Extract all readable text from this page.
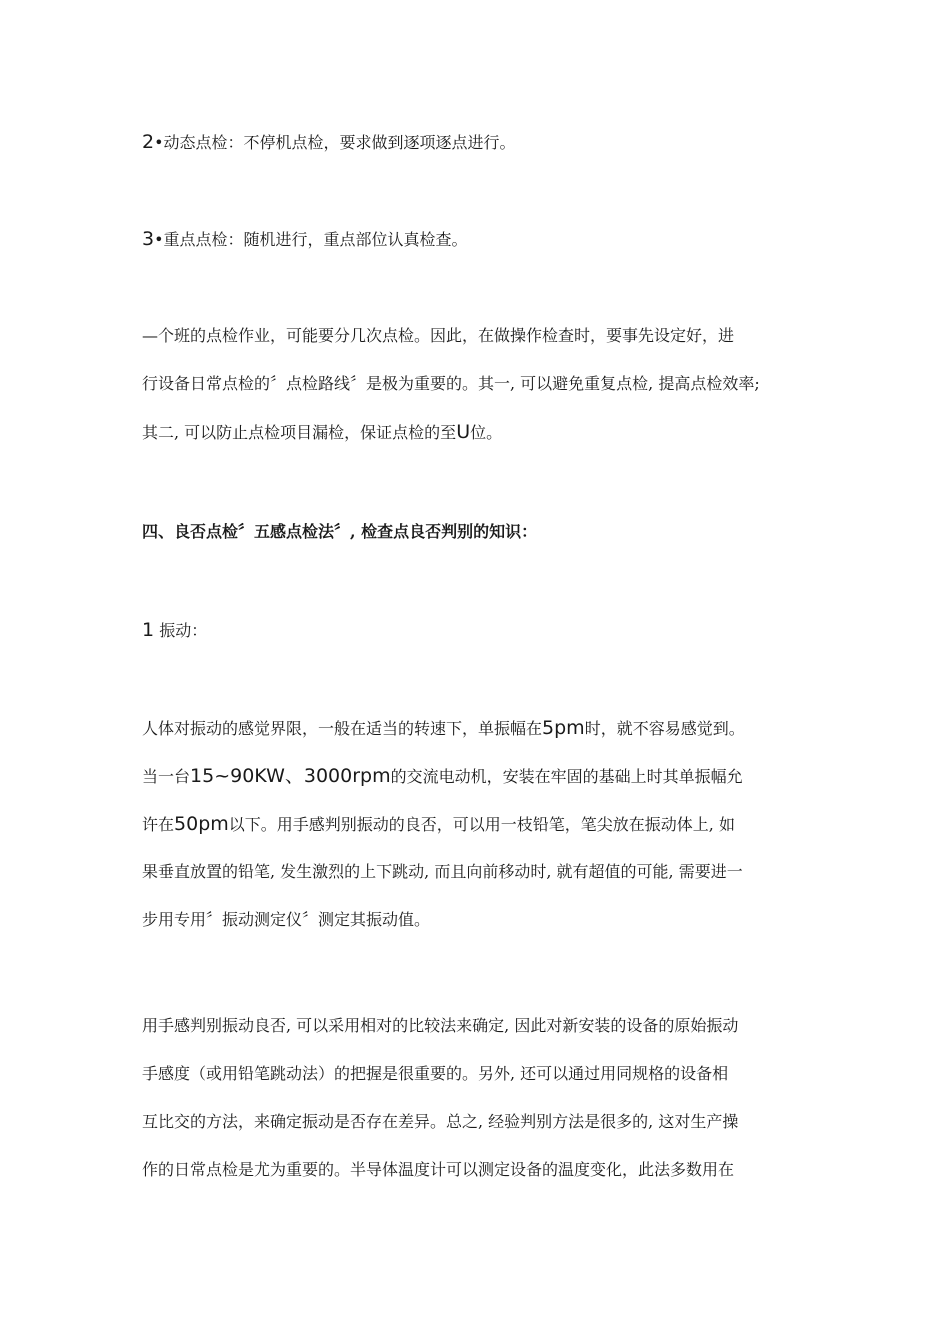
2•动态点检：不停机点检，要求做到逐项逐点进行。

3•重点点检：随机进行，重点部位认真检查。

—个班的点检作业，可能要分几次点检。因此，在做操作检查时，要事先设定好，进
行设备日常点检的〞点检路线〞是极为重要的。其一, 可以避免重复点检, 提高点检效率;
其二, 可以防止点检项目漏检，保证点检的至U位。

四、良否点检〞五感点检法〞, 检查点良否判别的知识：

1 振动：

人体对振动的感觉界限，一般在适当的转速下，单振幅在5pm时，就不容易感觉到。
当一台15~90KW、3000rpm的交流电动机，安装在牢固的基础上时其单振幅允
许在50pm以下。用手感判别振动的良否，可以用一枝铅笔，笔尖放在振动体上, 如
果垂直放置的铅笔, 发生激烈的上下跳动, 而且向前移动时, 就有超值的可能, 需要进一
步用专用〞振动测定仪〞测定其振动值。

用手感判别振动良否, 可以采用相对的比较法来确定, 因此对新安装的设备的原始振动
手感度（或用铅笔跳动法）的把握是很重要的。另外, 还可以通过用同规格的设备相
互比交的方法，来确定振动是否存在差异。总之, 经验判别方法是很多的, 这对生产操
作的日常点检是尤为重要的。半导体温度计可以测定设备的温度变化，此法多数用在
